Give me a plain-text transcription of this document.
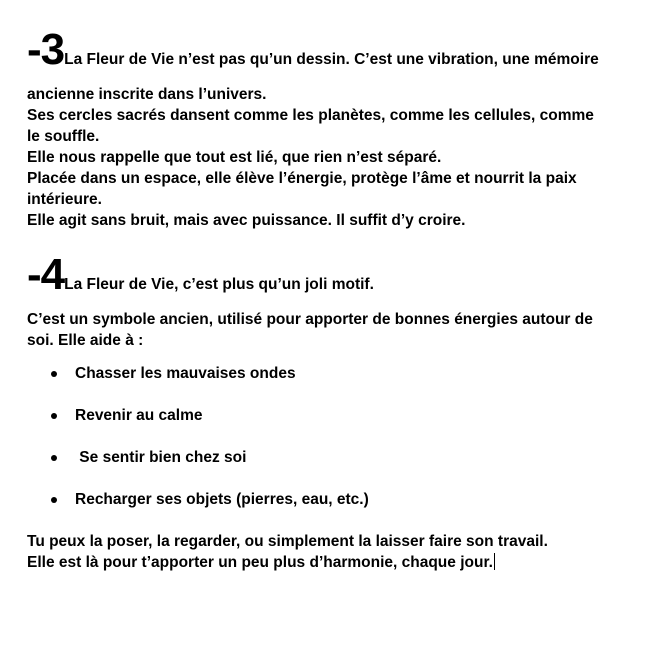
-3 La Fleur de Vie n’est pas qu’un dessin. C’est une vibration, une mémoire

ancienne inscrite dans l’univers.

Ses cercles sacrés dansent comme les planètes, comme les cellules, comme

le souffle.

Elle nous rappelle que tout est lié, que rien n’est séparé.

Placée dans un espace, elle élève l’énergie, protège l’âme et nourrit la paix

intérieure.

Elle agit sans bruit, mais avec puissance. Il suffit d’y croire.

-4 La Fleur de Vie, c’est plus qu’un joli motif.

C’est un symbole ancien, utilisé pour apporter de bonnes énergies autour de

soi. Elle aide à :

Chasser les mauvaises ondes
Revenir au calme
Se sentir bien chez soi
Recharger ses objets (pierres, eau, etc.)

Tu peux la poser, la regarder, ou simplement la laisser faire son travail.

Elle est là pour t’apporter un peu plus d’harmonie, chaque jour.
